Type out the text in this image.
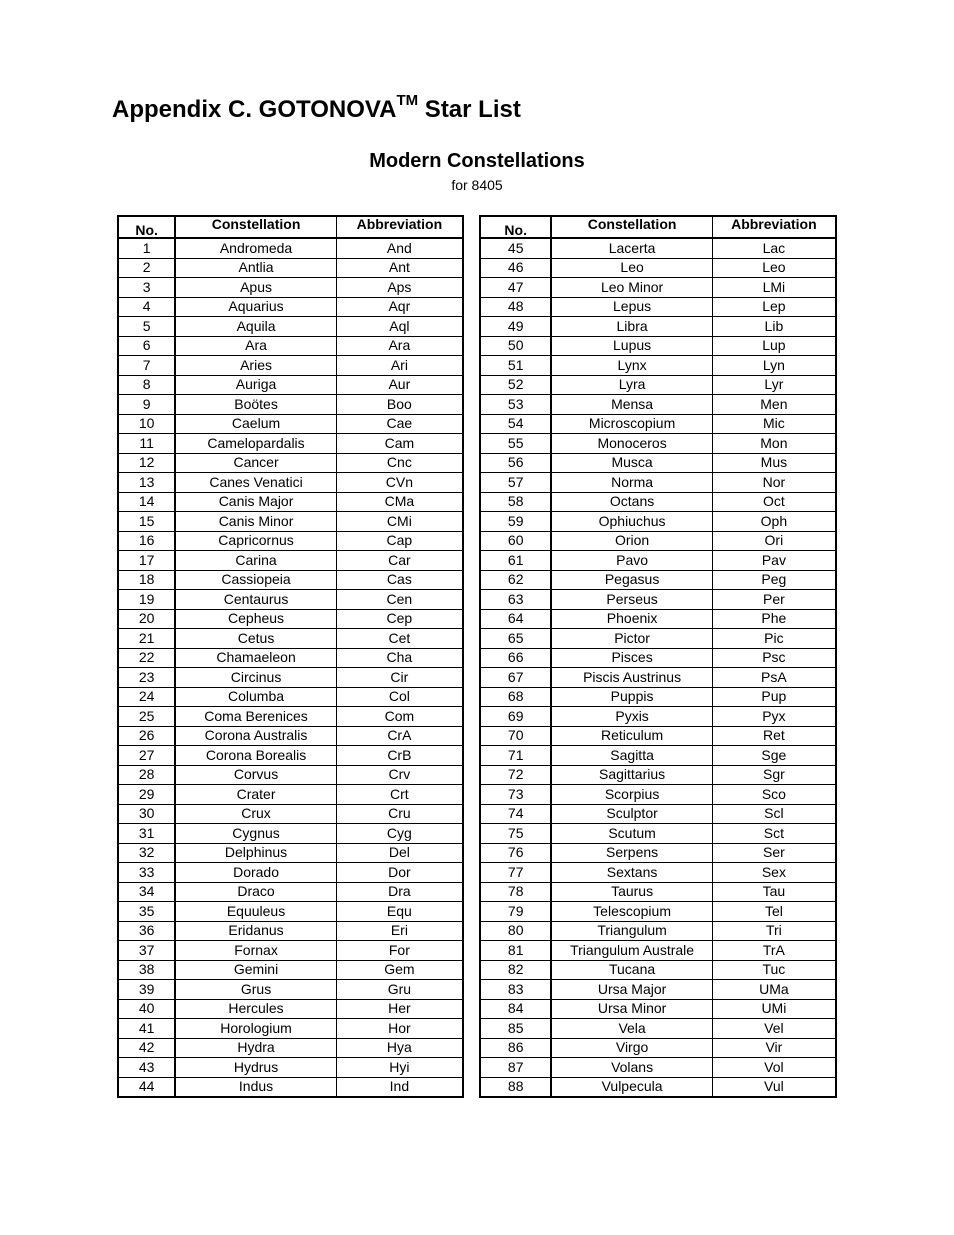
Appendix C. GOTONOVA™ Star List
Modern Constellations
for 8405
No.	Constellation	Abbreviation
1	Andromeda	And
2	Antlia	Ant
3	Apus	Aps
4	Aquarius	Aqr
5	Aquila	Aql
6	Ara	Ara
7	Aries	Ari
8	Auriga	Aur
9	Boötes	Boo
10	Caelum	Cae
11	Camelopardalis	Cam
12	Cancer	Cnc
13	Canes Venatici	CVn
14	Canis Major	CMa
15	Canis Minor	CMi
16	Capricornus	Cap
17	Carina	Car
18	Cassiopeia	Cas
19	Centaurus	Cen
20	Cepheus	Cep
21	Cetus	Cet
22	Chamaeleon	Cha
23	Circinus	Cir
24	Columba	Col
25	Coma Berenices	Com
26	Corona Australis	CrA
27	Corona Borealis	CrB
28	Corvus	Crv
29	Crater	Crt
30	Crux	Cru
31	Cygnus	Cyg
32	Delphinus	Del
33	Dorado	Dor
34	Draco	Dra
35	Equuleus	Equ
36	Eridanus	Eri
37	Fornax	For
38	Gemini	Gem
39	Grus	Gru
40	Hercules	Her
41	Horologium	Hor
42	Hydra	Hya
43	Hydrus	Hyi
44	Indus	Ind
No.	Constellation	Abbreviation
45	Lacerta	Lac
46	Leo	Leo
47	Leo Minor	LMi
48	Lepus	Lep
49	Libra	Lib
50	Lupus	Lup
51	Lynx	Lyn
52	Lyra	Lyr
53	Mensa	Men
54	Microscopium	Mic
55	Monoceros	Mon
56	Musca	Mus
57	Norma	Nor
58	Octans	Oct
59	Ophiuchus	Oph
60	Orion	Ori
61	Pavo	Pav
62	Pegasus	Peg
63	Perseus	Per
64	Phoenix	Phe
65	Pictor	Pic
66	Pisces	Psc
67	Piscis Austrinus	PsA
68	Puppis	Pup
69	Pyxis	Pyx
70	Reticulum	Ret
71	Sagitta	Sge
72	Sagittarius	Sgr
73	Scorpius	Sco
74	Sculptor	Scl
75	Scutum	Sct
76	Serpens	Ser
77	Sextans	Sex
78	Taurus	Tau
79	Telescopium	Tel
80	Triangulum	Tri
81	Triangulum Australe	TrA
82	Tucana	Tuc
83	Ursa Major	UMa
84	Ursa Minor	UMi
85	Vela	Vel
86	Virgo	Vir
87	Volans	Vol
88	Vulpecula	Vul
